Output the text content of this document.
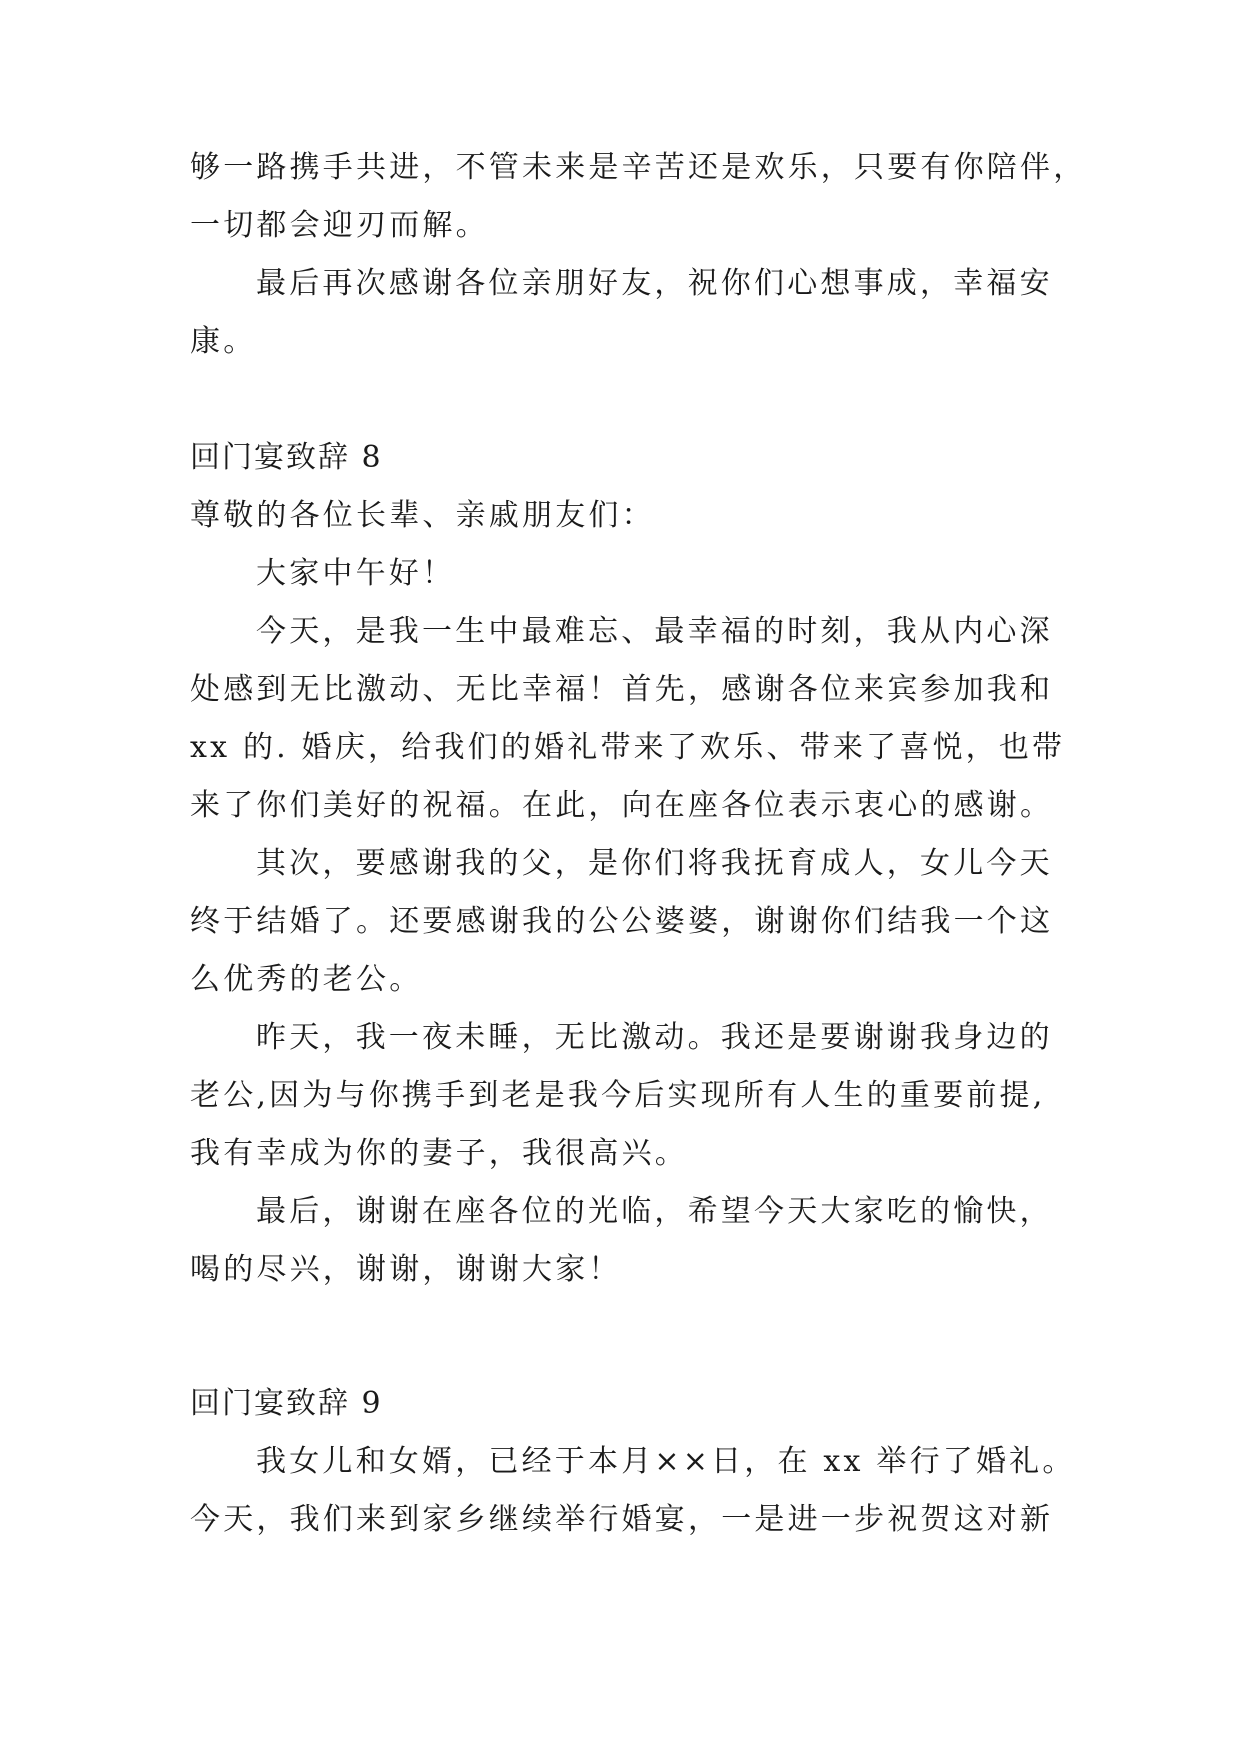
够一路携手共进，不管未来是辛苦还是欢乐，只要有你陪伴，
一切都会迎刃而解。
最后再次感谢各位亲朋好友，祝你们心想事成，幸福安
康。
回门宴致辞 8
尊敬的各位长辈、亲戚朋友们：
大家中午好！
今天，是我一生中最难忘、最幸福的时刻，我从内心深
处感到无比激动、无比幸福！首先，感谢各位来宾参加我和
xx 的. 婚庆，给我们的婚礼带来了欢乐、带来了喜悦，也带
来了你们美好的祝福。在此，向在座各位表示衷心的感谢。
其次，要感谢我的父，是你们将我抚育成人，女儿今天
终于结婚了。还要感谢我的公公婆婆，谢谢你们结我一个这
么优秀的老公。
昨天，我一夜未睡，无比激动。我还是要谢谢我身边的
老公,因为与你携手到老是我今后实现所有人生的重要前提,
我有幸成为你的妻子，我很高兴。
最后，谢谢在座各位的光临，希望今天大家吃的愉快，
喝的尽兴，谢谢，谢谢大家！
回门宴致辞 9
我女儿和女婿，已经于本月××日，在 xx 举行了婚礼。
今天，我们来到家乡继续举行婚宴，一是进一步祝贺这对新
